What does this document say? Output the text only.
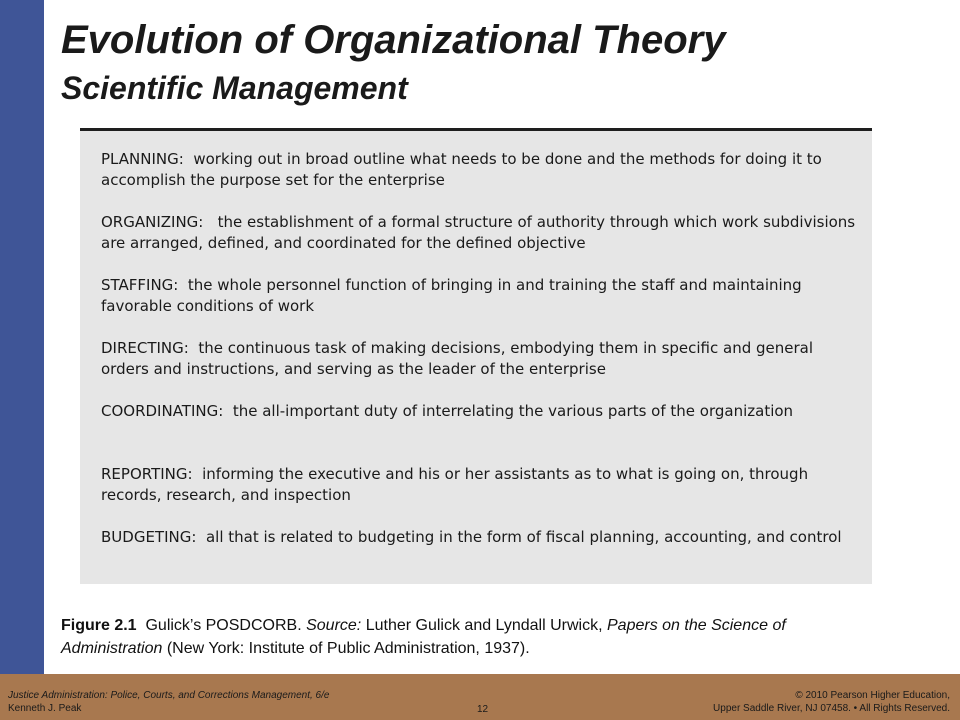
Evolution of Organizational Theory
Scientific Management

PLANNING: working out in broad outline what needs to be done and the methods for doing it to accomplish the purpose set for the enterprise

ORGANIZING: the establishment of a formal structure of authority through which work subdivisions are arranged, defined, and coordinated for the defined objective

STAFFING: the whole personnel function of bringing in and training the staff and maintaining favorable conditions of work

DIRECTING: the continuous task of making decisions, embodying them in specific and general orders and instructions, and serving as the leader of the enterprise

COORDINATING: the all-important duty of interrelating the various parts of the organization

REPORTING: informing the executive and his or her assistants as to what is going on, through records, research, and inspection

BUDGETING: all that is related to budgeting in the form of fiscal planning, accounting, and control

Figure 2.1 Gulick’s POSDCORB. Source: Luther Gulick and Lyndall Urwick, Papers on the Science of Administration (New York: Institute of Public Administration, 1937).

Justice Administration: Police, Courts, and Corrections Management, 6/e
Kenneth J. Peak	12
© 2010 Pearson Higher Education,
Upper Saddle River, NJ 07458. • All Rights Reserved.
